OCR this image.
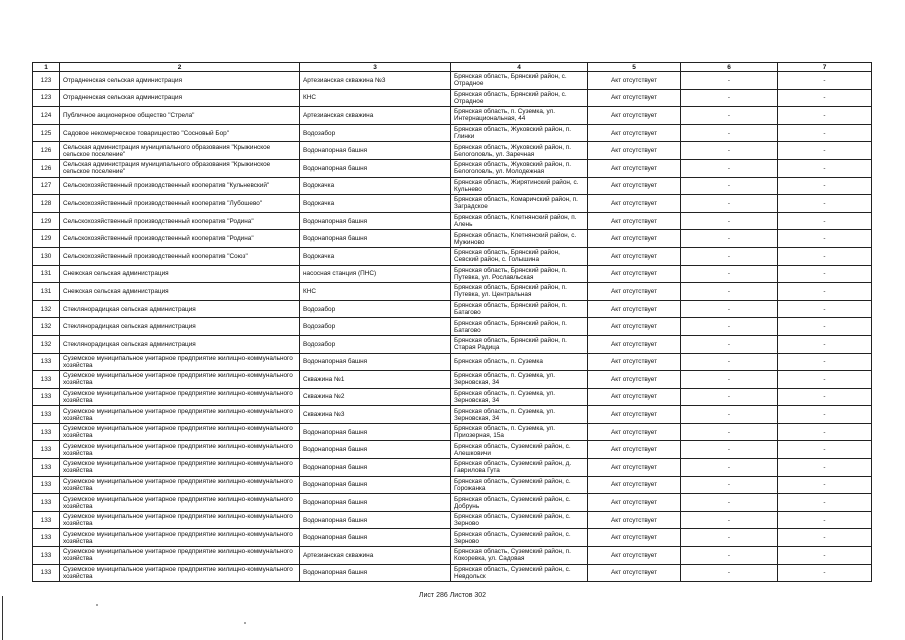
1	2	3	4	5	6	7
123	Отрадненская сельская администрация	Артезианская скважина №3	Брянская область, Брянский район, с. Отрадное	Акт отсутствует	-	-
123	Отрадненская сельская администрация	КНС	Брянская область, Брянский район, с. Отрадное	Акт отсутствует	-	-
124	Публичное акционерное общество "Стрела"	Артезианская скважина	Брянская область, п. Суземка, ул. Интернациональная, 44	Акт отсутствует	-	-
125	Садовое некомерческое товарищество "Сосновый Бор"	Водозабор	Брянская область, Жуковский район, п. Глинки	Акт отсутствует	-	-
126	Сельская администрация муниципального образования "Крыжинское сельское поселение"	Водонапорная башня	Брянская область, Жуковский район, п. Белоголовль, ул. Заречная	Акт отсутствует	-	-
126	Сельская администрация муниципального образования "Крыжинское сельское поселение"	Водонапорная башня	Брянская область, Жуковский район, п. Белоголовль, ул. Молодежная	Акт отсутствует	-	-
127	Сельскохозяйственный производственный кооператив "Кульневский"	Водокачка	Брянская область, Жирятинский район, с. Кульнево	Акт отсутствует	-	-
128	Сельскохозяйственный производственный кооператив "Лубошево"	Водокачка	Брянская область, Комаричский район, п. Заградское	Акт отсутствует	-	-
129	Сельскохозяйственный производственный кооператив "Родина"	Водонапорная башня	Брянская область, Клетнянский район, п. Алень	Акт отсутствует	-	-
129	Сельскохозяйственный производственный кооператив "Родина"	Водонапорная башня	Брянская область, Клетнянский район, с. Мужиново	Акт отсутствует	-	-
130	Сельскохозяйственный производственный кооператив "Союз"	Водокачка	Брянская область, Брянский район, Севский район, с. Голышина	Акт отсутствует	-	-
131	Снежская сельская администрация	насосная станция (ПНС)	Брянская область, Брянский район, п. Путевка, ул. Рославльская	Акт отсутствует	-	-
131	Снежская сельская администрация	КНС	Брянская область, Брянский район, п. Путевка, ул. Центральная	Акт отсутствует	-	-
132	Стеклянорадицкая сельская администрация	Водозабор	Брянская область, Брянский район, п. Батагово	Акт отсутствует	-	-
132	Стеклянорадицкая сельская администрация	Водозабор	Брянская область, Брянский район, п. Батагово	Акт отсутствует	-	-
132	Стеклянорадицкая сельская администрация	Водозабор	Брянская область, Брянский район, п. Старая Радица	Акт отсутствует	-	-
133	Суземское муниципальное унитарное предприятие жилищно-коммунального хозяйства	Водонапорная башня	Брянская область, п. Суземка	Акт отсутствует	-	-
133	Суземское муниципальное унитарное предприятие жилищно-коммунального хозяйства	Скважина №1	Брянская область, п. Суземка, ул. Зерновская, 34	Акт отсутствует	-	-
133	Суземское муниципальное унитарное предприятие жилищно-коммунального хозяйства	Скважина №2	Брянская область, п. Суземка, ул. Зерновская, 34	Акт отсутствует	-	-
133	Суземское муниципальное унитарное предприятие жилищно-коммунального хозяйства	Скважина №3	Брянская область, п. Суземка, ул. Зерновская, 34	Акт отсутствует	-	-
133	Суземское муниципальное унитарное предприятие жилищно-коммунального хозяйства	Водонапорная башня	Брянская область, п. Суземка, ул. Приозерная, 15а	Акт отсутствует	-	-
133	Суземское муниципальное унитарное предприятие жилищно-коммунального хозяйства	Водонапорная башня	Брянская область, Суземский район, с. Алешковичи	Акт отсутствует	-	-
133	Суземское муниципальное унитарное предприятие жилищно-коммунального хозяйства	Водонапорная башня	Брянская область, Суземский район, д. Гаврилова Гута	Акт отсутствует	-	-
133	Суземское муниципальное унитарное предприятие жилищно-коммунального хозяйства	Водонапорная башня	Брянская область, Суземский район, с. Горожанка	Акт отсутствует	-	-
133	Суземское муниципальное унитарное предприятие жилищно-коммунального хозяйства	Водонапорная башня	Брянская область, Суземский район, с. Добрунь	Акт отсутствует	-	-
133	Суземское муниципальное унитарное предприятие жилищно-коммунального хозяйства	Водонапорная башня	Брянская область, Суземский район, с. Зерново	Акт отсутствует	-	-
133	Суземское муниципальное унитарное предприятие жилищно-коммунального хозяйства	Водонапорная башня	Брянская область, Суземский район, с. Зерново	Акт отсутствует	-	-
133	Суземское муниципальное унитарное предприятие жилищно-коммунального хозяйства	Артезианская скважина	Брянская область, Суземский район, п. Кокоревка, ул. Садовая	Акт отсутствует	-	-
133	Суземское муниципальное унитарное предприятие жилищно-коммунального хозяйства	Водонапорная башня	Брянская область, Суземский район, с. Невдольск	Акт отсутствует	-	-
Лист 286 Листов 302
